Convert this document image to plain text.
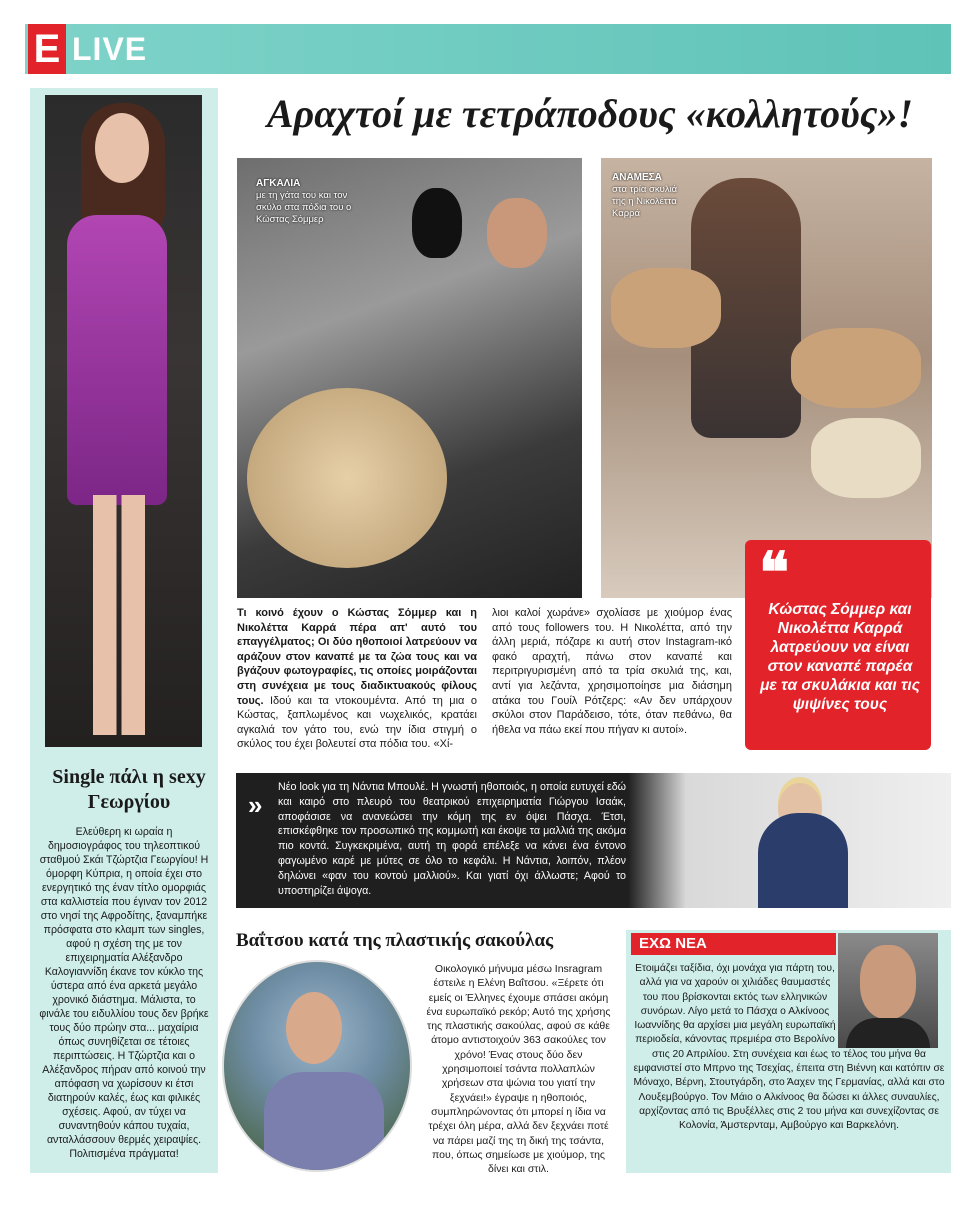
E LIVE
Single πάλι η sexy Γεωργίου
Ελεύθερη κι ωραία η δημοσιογράφος του τηλεοπτικού σταθμού Σκάι Τζώρτζια Γεωργίου! Η όμορφη Κύπρια, η οποία έχει στο ενεργητικό της έναν τίτλο ομορφιάς στα καλλιστεία που έγιναν τον 2012 στο νησί της Αφροδίτης, ξαναμπήκε πρόσφατα στο κλαμπ των singles, αφού η σχέση της με τον επιχειρηματία Αλέξανδρο Καλογιαννίδη έκανε τον κύκλο της ύστερα από ένα αρκετά μεγάλο χρονικό διάστημα. Μάλιστα, το φινάλε του ειδυλλίου τους δεν βρήκε τους δύο πρώην στα... μαχαίρια όπως συνηθίζεται σε τέτοιες περιπτώσεις. Η Τζώρτζια και ο Αλέξανδρος πήραν από κοινού την απόφαση να χωρίσουν κι έτσι διατηρούν καλές, έως και φιλικές σχέσεις. Αφού, αν τύχει να συναντηθούν κάπου τυχαία, ανταλλάσσουν θερμές χειραψίες. Πολιτισμένα πράγματα!
Αραχτοί με τετράποδους «κολλητούς»!
ΑΓΚΑΛΙΑ
με τη γάτα του και τον σκύλο στα πόδια του ο Κώστας Σόμμερ
ΑΝΑΜΕΣΑ
στα τρία σκυλιά της η Νικολέττα Καρρά
Τι κοινό έχουν ο Κώστας Σόμμερ και η Νικολέττα Καρρά πέρα απ' αυτό του επαγγέλματος; Οι δύο ηθοποιοί λατρεύουν να αράζουν στον καναπέ με τα ζώα τους και να βγάζουν φωτογραφίες, τις οποίες μοιράζονται στη συνέχεια με τους διαδικτυακούς φίλους τους. Ιδού και τα ντοκουμέντα. Από τη μια ο Κώστας, ξαπλωμένος και νωχελικός, κρατάει αγκαλιά τον γάτο του, ενώ την ίδια στιγμή ο σκύλος του έχει βολευτεί στα πόδια του. «Χί-
λιοι καλοί χωράνε» σχολίασε με χιούμορ ένας από τους followers του. Η Νικολέττα, από την άλλη μεριά, πόζαρε κι αυτή στον Instagram-ικό φακό αραχτή, πάνω στον καναπέ και περιτριγυρισμένη από τα τρία σκυλιά της, και, αντί για λεζάντα, χρησιμοποίησε μια διάσημη ατάκα του Γουίλ Ρότζερς: «Αν δεν υπάρχουν σκύλοι στον Παράδεισο, τότε, όταν πεθάνω, θα ήθελα να πάω εκεί που πήγαν κι αυτοί».
❝
Κώστας Σόμμερ και Νικολέττα Καρρά λατρεύουν να είναι στον καναπέ παρέα με τα σκυλάκια και τις ψιψίνες τους
»
Νέο look για τη Νάντια Μπουλέ. Η γνωστή ηθοποιός, η οποία ευτυχεί εδώ και καιρό στο πλευρό του θεατρικού επιχειρηματία Γιώργου Ισαάκ, αποφάσισε να ανανεώσει την κόμη της εν όψει Πάσχα. Έτσι, επισκέφθηκε τον προσωπικό της κομμωτή και έκοψε τα μαλλιά της ακόμα πιο κοντά. Συγκεκριμένα, αυτή τη φορά επέλεξε να κάνει ένα έντονο φαγωμένο καρέ με μύτες σε όλο το κεφάλι. Η Νάντια, λοιπόν, πλέον δηλώνει «φαν του κοντού μαλλιού». Και γιατί όχι άλλωστε; Αφού το υποστηρίζει άψογα.
Βαΐτσου κατά της πλαστικής σακούλας
Οικολογικό μήνυμα μέσω Insragram έστειλε η Ελένη Βαΐτσου. «Ξέρετε ότι εμείς οι Έλληνες έχουμε σπάσει ακόμη ένα ευρωπαϊκό ρεκόρ; Αυτό της χρήσης της πλαστικής σακούλας, αφού σε κάθε άτομο αντιστοιχούν 363 σακούλες τον χρόνο! Ένας στους δύο δεν χρησιμοποιεί τσάντα πολλαπλών χρήσεων στα ψώνια του γιατί την ξεχνάει!» έγραψε η ηθοποιός, συμπληρώνοντας ότι μπορεί η ίδια να τρέχει όλη μέρα, αλλά δεν ξεχνάει ποτέ να πάρει μαζί της τη δική της τσάντα, που, όπως σημείωσε με χιούμορ, της δίνει και στιλ.
ΕΧΩ ΝΕΑ
Ετοιμάζει ταξίδια, όχι μονάχα για πάρτη του, αλλά για να χαρούν οι χιλιάδες θαυμαστές του που βρίσκονται εκτός των ελληνικών συνόρων. Λίγο μετά το Πάσχα ο Αλκίνοος Ιωαννίδης θα αρχίσει μια μεγάλη ευρωπαϊκή περιοδεία, κάνοντας πρεμιέρα στο Βερολίνο στις 20 Απριλίου. Στη συνέχεια και έως το τέλος του μήνα θα εμφανιστεί στο Μπρνο της Τσεχίας, έπειτα στη Βιέννη και κατόπιν σε Μόναχο, Βέρνη, Στουτγάρδη, στο Άαχεν της Γερμανίας, αλλά και στο Λουξεμβούργο. Τον Μάιο ο Αλκίνοος θα δώσει κι άλλες συναυλίες, αρχίζοντας από τις Βρυξέλλες στις 2 του μήνα και συνεχίζοντας σε Κολονία, Άμστερνταμ, Αμβούργο και Βαρκελόνη.
